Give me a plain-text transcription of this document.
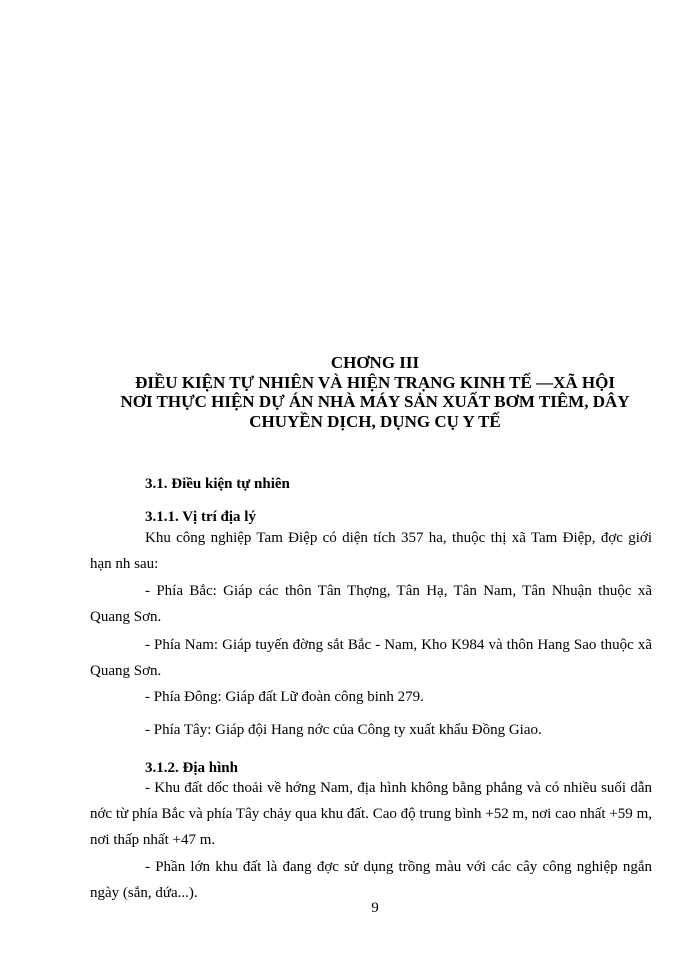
CHƠNG III
ĐIỀU KIỆN TỰ NHIÊN VÀ HIỆN TRẠNG KINH TẾ —XÃ HỘI
NƠI THỰC HIỆN DỰ ÁN NHÀ MÁY SẢN XUẤT BƠM TIÊM, DÂY
CHUYỀN DỊCH, DỤNG CỤ Y TẾ
3.1. Điều kiện tự nhiên
3.1.1. Vị trí địa lý
Khu công nghiệp Tam Điệp có diện tích 357 ha, thuộc thị xã Tam Điệp, đợc giới hạn nh sau:
- Phía Bắc: Giáp các thôn Tân Thợng, Tân Hạ, Tân Nam, Tân Nhuận thuộc xã Quang Sơn.
- Phía Nam: Giáp tuyến đờng sắt Bắc - Nam, Kho K984 và thôn Hang Sao thuộc xã Quang Sơn.
- Phía Đông: Giáp đất Lữ đoàn công binh 279.
- Phía Tây: Giáp đội Hang nớc của Công ty xuất khẩu Đồng Giao.
3.1.2. Địa hình
- Khu đất dốc thoải về hớng Nam, địa hình không bằng phẳng và có nhiều suối dẫn nớc từ phía Bắc và phía Tây chảy qua khu đất. Cao độ trung bình +52 m, nơi cao nhất +59 m, nơi thấp nhất +47 m.
- Phần lớn khu đất là đang đợc sử dụng trồng màu với các cây công nghiệp ngắn ngày (sắn, dứa...).
9
